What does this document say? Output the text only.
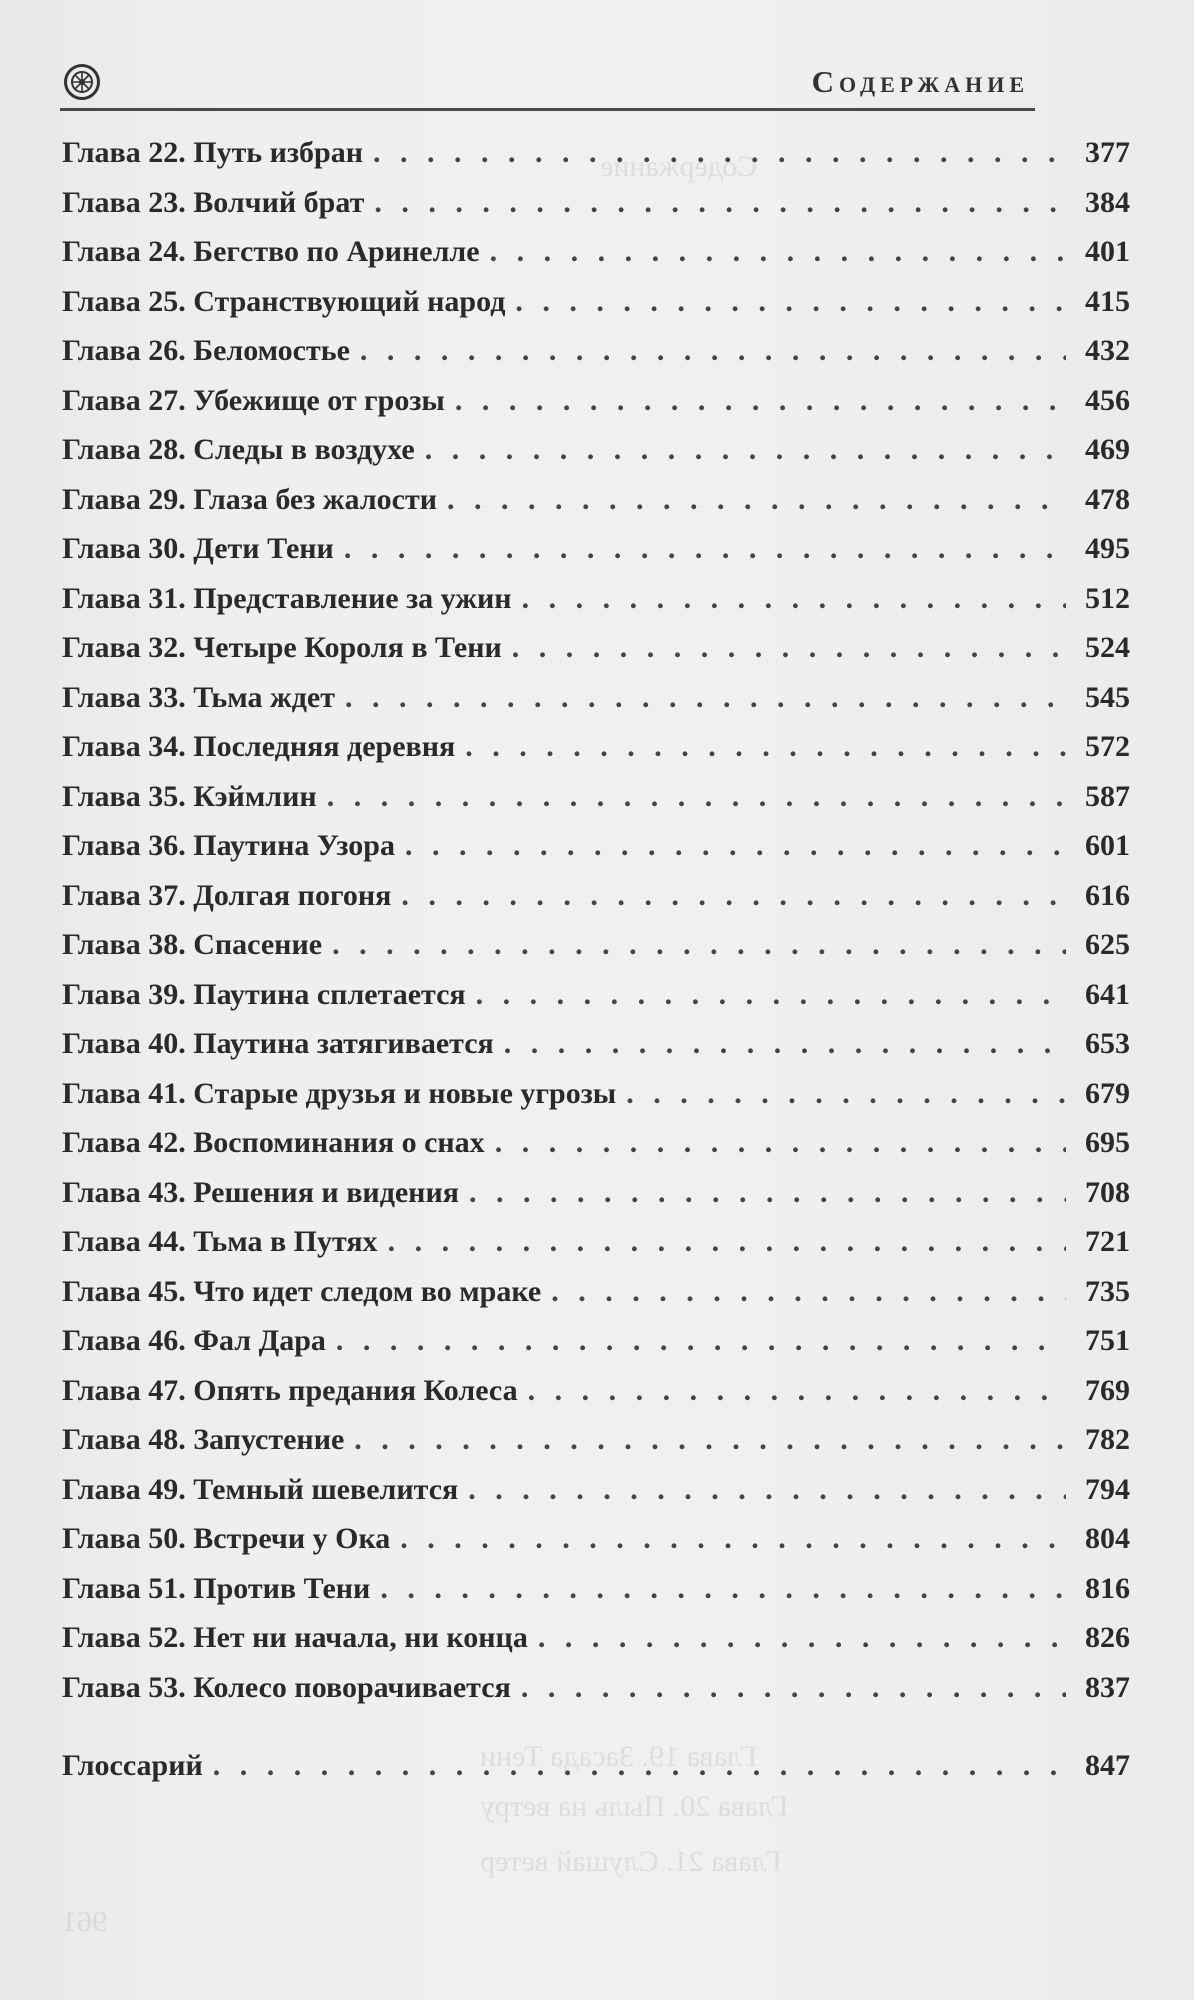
Содержание
Глава 19. Засада Тени
Глава 20. Пыль на ветру
Глава 21. Слушай ветер
961
Содержание
Глава 22. Путь избран . . .	377
Глава 23. Волчий брат . . .	384
Глава 24. Бегство по Аринелле . . .	401
Глава 25. Странствующий народ . . .	415
Глава 26. Беломостье . . .	432
Глава 27. Убежище от грозы . . .	456
Глава 28. Следы в воздухе . . .	469
Глава 29. Глаза без жалости . . .	478
Глава 30. Дети Тени . . .	495
Глава 31. Представление за ужин . . .	512
Глава 32. Четыре Короля в Тени . . .	524
Глава 33. Тьма ждет . . .	545
Глава 34. Последняя деревня . . .	572
Глава 35. Кэймлин . . .	587
Глава 36. Паутина Узора . . .	601
Глава 37. Долгая погоня . . .	616
Глава 38. Спасение . . .	625
Глава 39. Паутина сплетается . . .	641
Глава 40. Паутина затягивается . . .	653
Глава 41. Старые друзья и новые угрозы . . .	679
Глава 42. Воспоминания о снах . . .	695
Глава 43. Решения и видения . . .	708
Глава 44. Тьма в Путях . . .	721
Глава 45. Что идет следом во мраке . . .	735
Глава 46. Фал Дара . . .	751
Глава 47. Опять предания Колеса . . .	769
Глава 48. Запустение . . .	782
Глава 49. Темный шевелится . . .	794
Глава 50. Встречи у Ока . . .	804
Глава 51. Против Тени . . .	816
Глава 52. Нет ни начала, ни конца . . .	826
Глава 53. Колесо поворачивается . . .	837
Глоссарий . . .	847
